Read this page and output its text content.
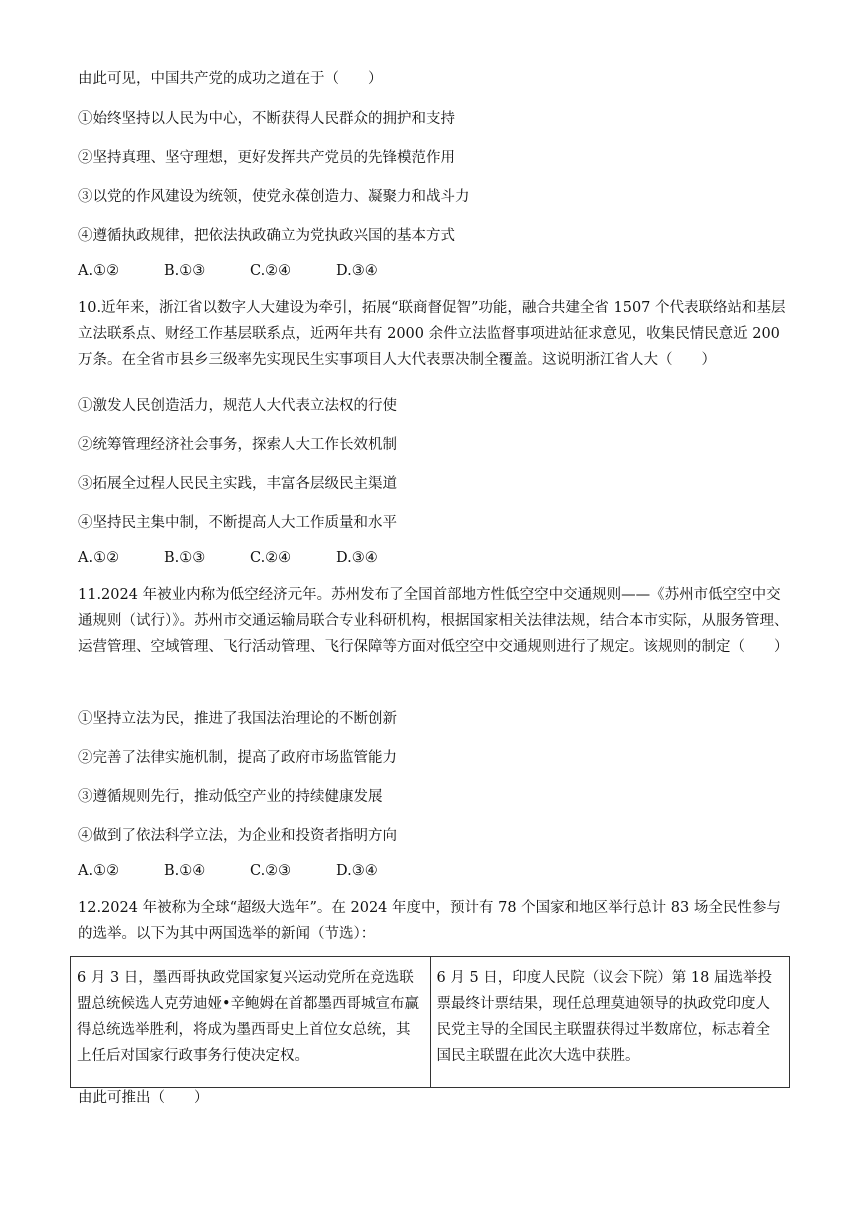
由此可见，中国共产党的成功之道在于（　　）
①始终坚持以人民为中心，不断获得人民群众的拥护和支持
②坚持真理、坚守理想，更好发挥共产党员的先锋模范作用
③以党的作风建设为统领，使党永葆创造力、凝聚力和战斗力
④遵循执政规律，把依法执政确立为党执政兴国的基本方式
A.①②	B.①③	C.②④	D.③④
10.近年来，浙江省以数字人大建设为牵引，拓展“联商督促智”功能，融合共建全省 1507 个代表联络站和基层立法联系点、财经工作基层联系点，近两年共有 2000 余件立法监督事项进站征求意见，收集民情民意近 200 万条。在全省市县乡三级率先实现民生实事项目人大代表票决制全覆盖。这说明浙江省人大（　　）
①激发人民创造活力，规范人大代表立法权的行使
②统筹管理经济社会事务，探索人大工作长效机制
③拓展全过程人民民主实践，丰富各层级民主渠道
④坚持民主集中制，不断提高人大工作质量和水平
A.①②	B.①③	C.②④	D.③④
11.2024 年被业内称为低空经济元年。苏州发布了全国首部地方性低空空中交通规则——《苏州市低空空中交通规则（试行）》。苏州市交通运输局联合专业科研机构，根据国家相关法律法规，结合本市实际，从服务管理、运营管理、空域管理、飞行活动管理、飞行保障等方面对低空空中交通规则进行了规定。该规则的制定（　　）
①坚持立法为民，推进了我国法治理论的不断创新
②完善了法律实施机制，提高了政府市场监管能力
③遵循规则先行，推动低空产业的持续健康发展
④做到了依法科学立法，为企业和投资者指明方向
A.①②	B.①④	C.②③	D.③④
12.2024 年被称为全球“超级大选年”。在 2024 年度中，预计有 78 个国家和地区举行总计 83 场全民性参与的选举。以下为其中两国选举的新闻（节选）：
6 月 3 日，墨西哥执政党国家复兴运动党所在竞选联盟总统候选人克劳迪娅•辛鲍姆在首都墨西哥城宣布赢得总统选举胜利，将成为墨西哥史上首位女总统，其上任后对国家行政事务行使决定权。	6 月 5 日，印度人民院（议会下院）第 18 届选举投票最终计票结果，现任总理莫迪领导的执政党印度人民党主导的全国民主联盟获得过半数席位，标志着全国民主联盟在此次大选中获胜。
由此可推出（　　）
